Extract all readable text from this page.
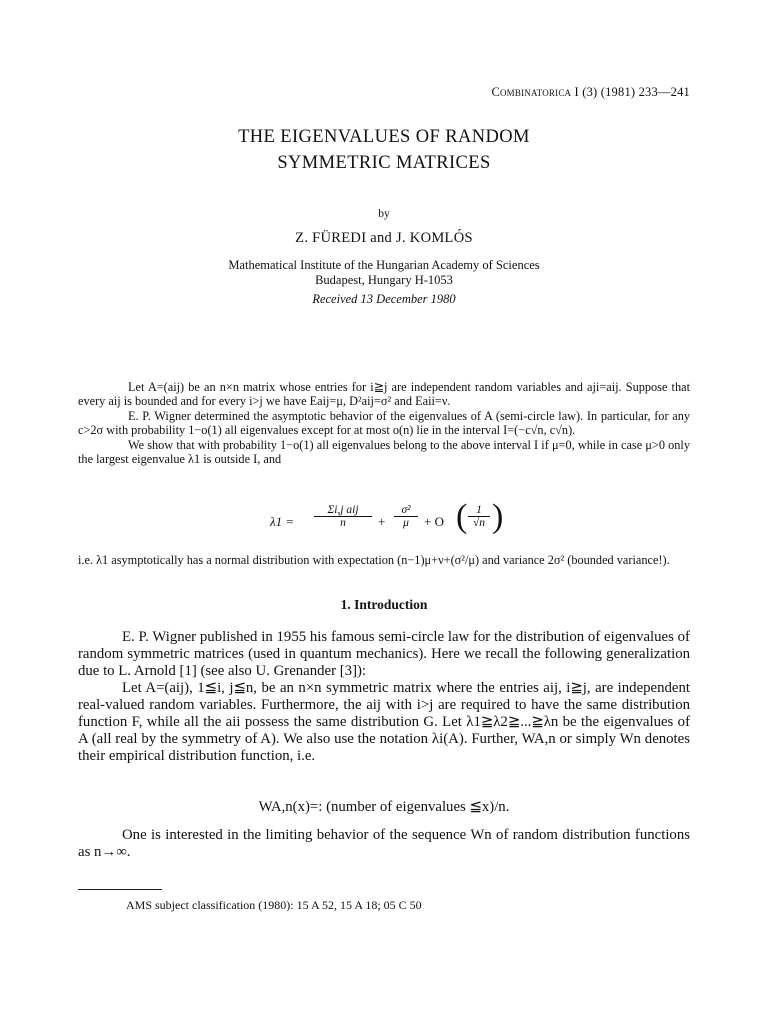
Combinatorica I (3) (1981) 233—241
THE EIGENVALUES OF RANDOM
SYMMETRIC MATRICES
by
Z. FÜREDI and J. KOMLÓS
Mathematical Institute of the Hungarian Academy of Sciences
Budapest, Hungary H-1053
Received 13 December 1980

Let A=(aij) be an n×n matrix whose entries for i≧j are independent random variables and aji=aij. Suppose that every aij is bounded and for every i>j we have Eaij=μ, D²aij=σ² and Eaii=ν.

E. P. Wigner determined the asymptotic behavior of the eigenvalues of A (semi-circle law). In particular, for any c>2σ with probability 1−o(1) all eigenvalues except for at most o(n) lie in the interval I=(−c√n, c√n).

We show that with probability 1−o(1) all eigenvalues belong to the above interval I if μ=0, while in case μ>0 only the largest eigenvalue λ1 is outside I, and

λ1 =
Σi,j aij
n	+ $\frac{\text{σ²}}{\mu} + O$ ( $\frac{1}{√n}$ )

i.e. λ1 asymptotically has a normal distribution with expectation (n−1)μ+ν+(σ²/μ) and variance 2σ² (bounded variance!).

1. Introduction

E. P. Wigner published in 1955 his famous semi-circle law for the distribution of eigenvalues of random symmetric matrices (used in quantum mechanics). Here we recall the following generalization due to L. Arnold [1] (see also U. Grenander [3]):

Let A=(aij), 1≦i, j≦n, be an n×n symmetric matrix where the entries aij, i≧j, are independent real-valued random variables. Furthermore, the aij with i>j are required to have the same distribution function F, while all the aii possess the same distribution G. Let λ1≧λ2≧...≧λn be the eigenvalues of A (all real by the symmetry of A). We also use the notation λi(A). Further, WA,n or simply Wn denotes their empirical distribution function, i.e.

WA,n(x)=: (number of eigenvalues ≦x)/n.

One is interested in the limiting behavior of the sequence Wn of random distribution functions as n→∞.

AMS subject classification (1980): 15 A 52, 15 A 18; 05 C 50
